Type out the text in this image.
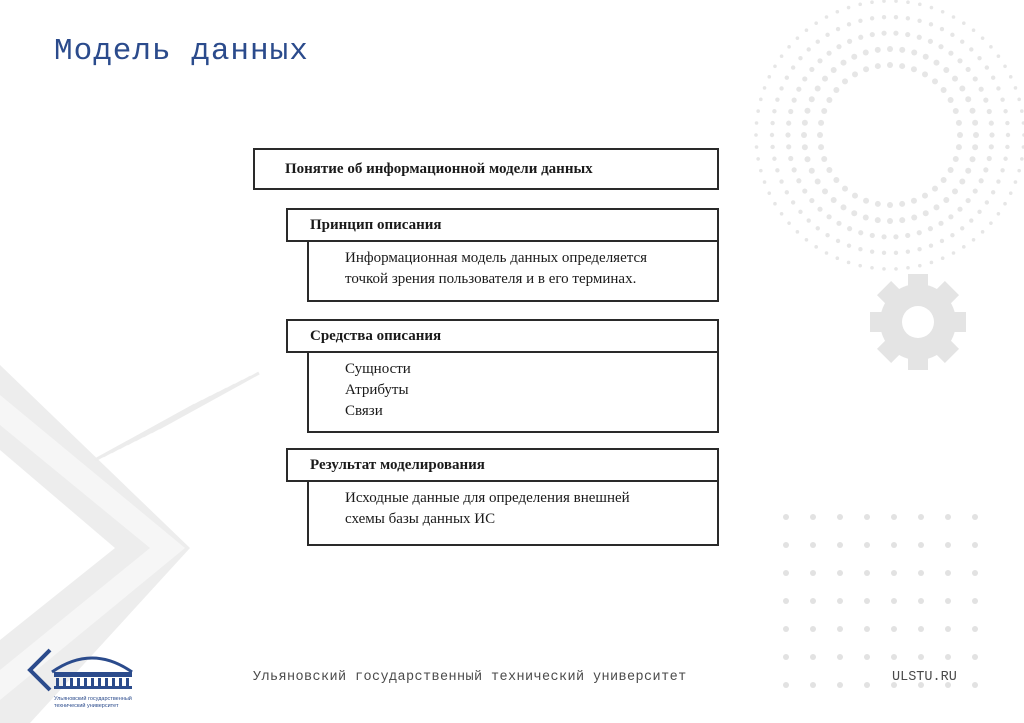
Модель данных
Понятие об информационной модели данных
Принцип описания
Информационная модель данных определяется
точкой зрения пользователя и в его терминах.
Средства описания
Сущности
Атрибуты
Связи
Результат моделирования
Исходные данные для определения внешней
схемы базы данных ИС
Ульяновский государственный
технический университет
Ульяновский государственный технический университет	ULSTU.RU
